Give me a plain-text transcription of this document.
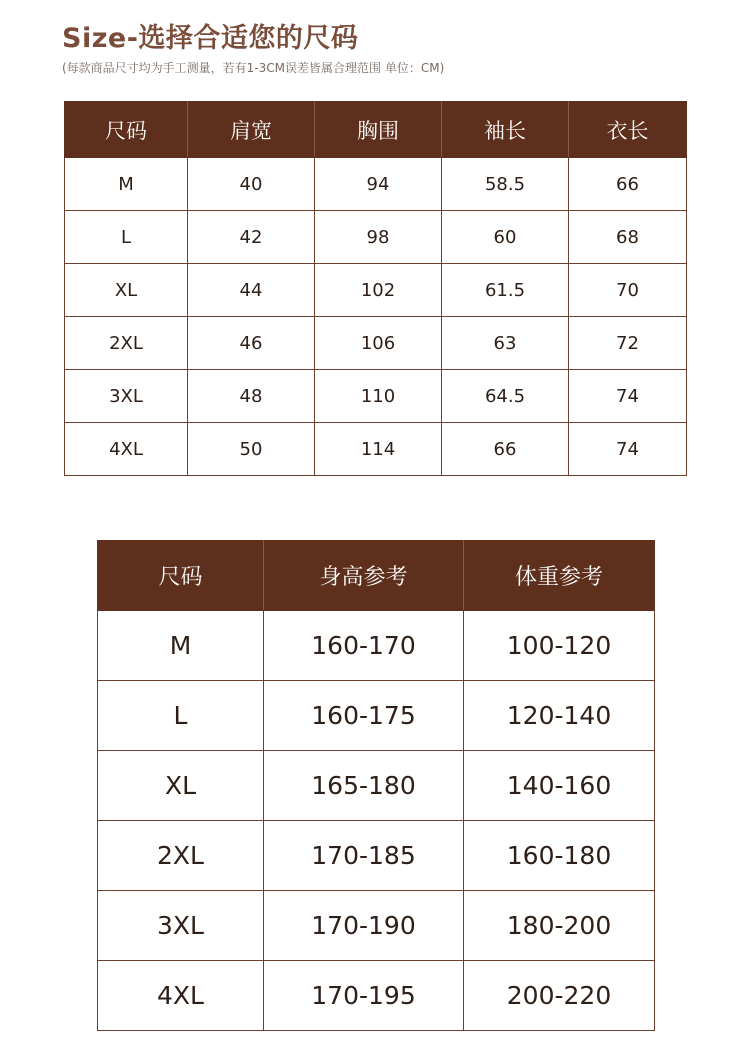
Size-选择合适您的尺码
(每款商品尺寸均为手工测量，若有1-3CM误差皆属合理范围 单位：CM)
尺码	肩宽	胸围	袖长	衣长
M	40	94	58.5	66
L	42	98	60	68
XL	44	102	61.5	70
2XL	46	106	63	72
3XL	48	110	64.5	74
4XL	50	114	66	74
尺码	身高参考	体重参考
M	160-170	100-120
L	160-175	120-140
XL	165-180	140-160
2XL	170-185	160-180
3XL	170-190	180-200
4XL	170-195	200-220
